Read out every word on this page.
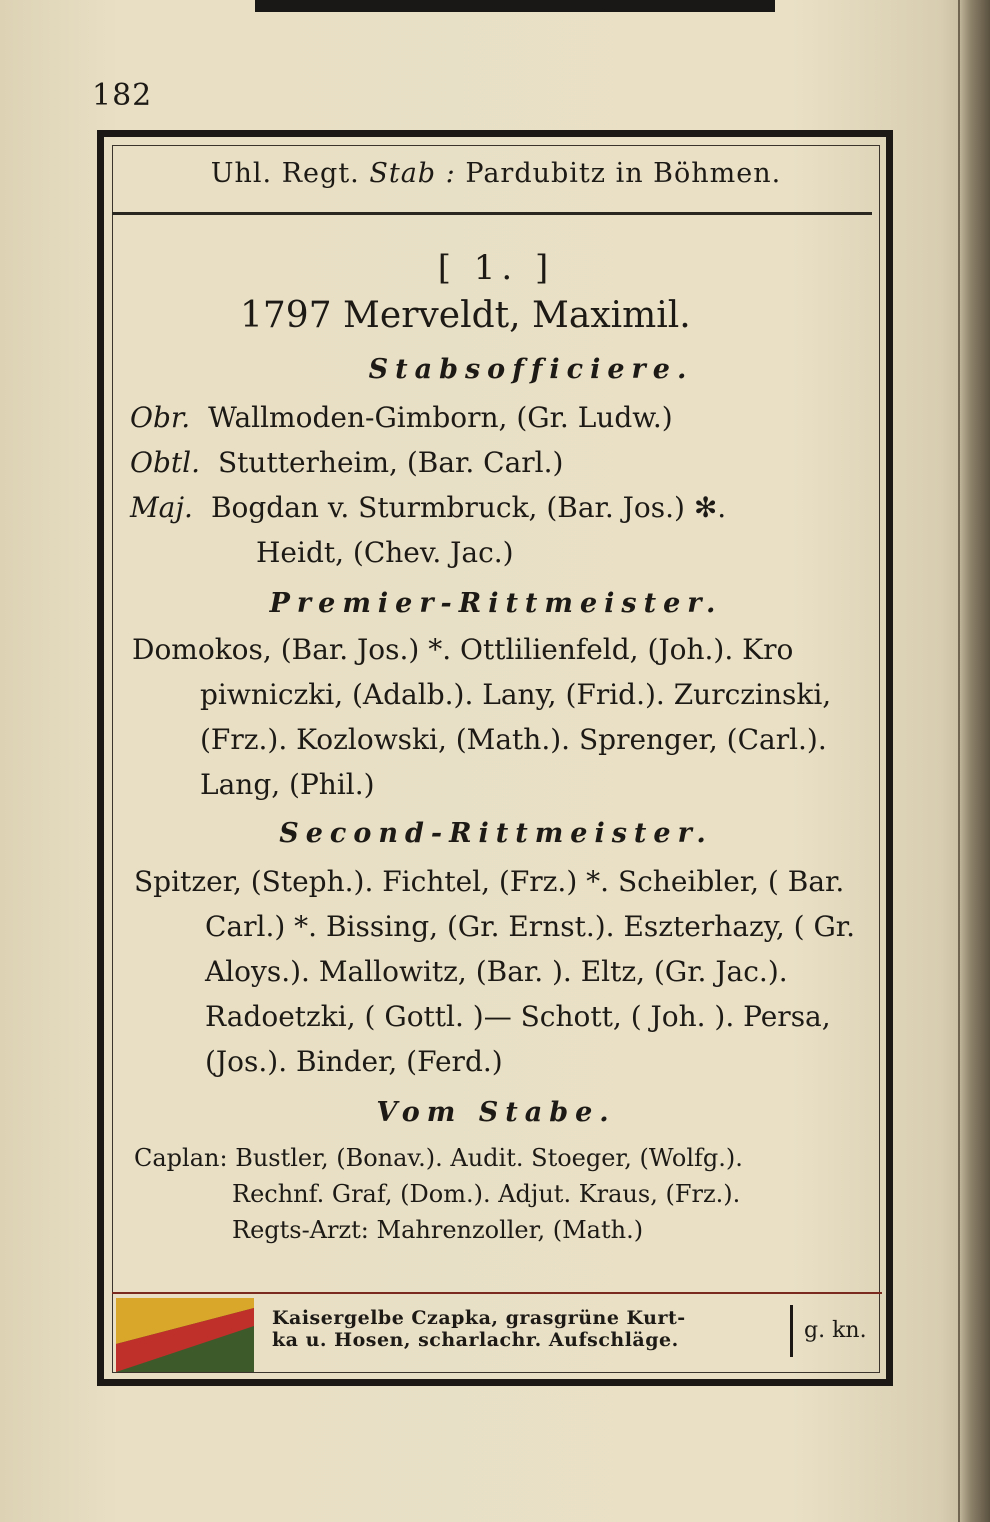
182
Uhl. Regt. Stab : Pardubitz in Böhmen.
[ 1. ]
1797 Merveldt, Maximil.
Stabsofficiere.
Obr. Wallmoden-Gimborn, (Gr. Ludw.)
Obtl. Stutterheim, (Bar. Carl.)
Maj. Bogdan v. Sturmbruck, (Bar. Jos.) ✻.
Heidt, (Chev. Jac.)
Premier-Rittmeister.
Domokos, (Bar. Jos.) *. Ottlilienfeld, (Joh.). Kro
piwniczki, (Adalb.). Lany, (Frid.). Zurczinski,
(Frz.). Kozlowski, (Math.). Sprenger, (Carl.).
Lang, (Phil.)
Second-Rittmeister.
Spitzer, (Steph.). Fichtel, (Frz.) *. Scheibler, ( Bar.
Carl.) *. Bissing, (Gr. Ernst.). Eszterhazy, ( Gr.
Aloys.). Mallowitz, (Bar. ). Eltz, (Gr. Jac.).
Radoetzki, ( Gottl. )— Schott, ( Joh. ). Persa,
(Jos.). Binder, (Ferd.)
Vom Stabe.
Caplan: Bustler, (Bonav.). Audit. Stoeger, (Wolfg.).
Rechnf. Graf, (Dom.). Adjut. Kraus, (Frz.).
Regts-Arzt: Mahrenzoller, (Math.)
Kaisergelbe Czapka, grasgrüne Kurt-
ka u. Hosen, scharlachr. Aufschläge.	g. kn.
